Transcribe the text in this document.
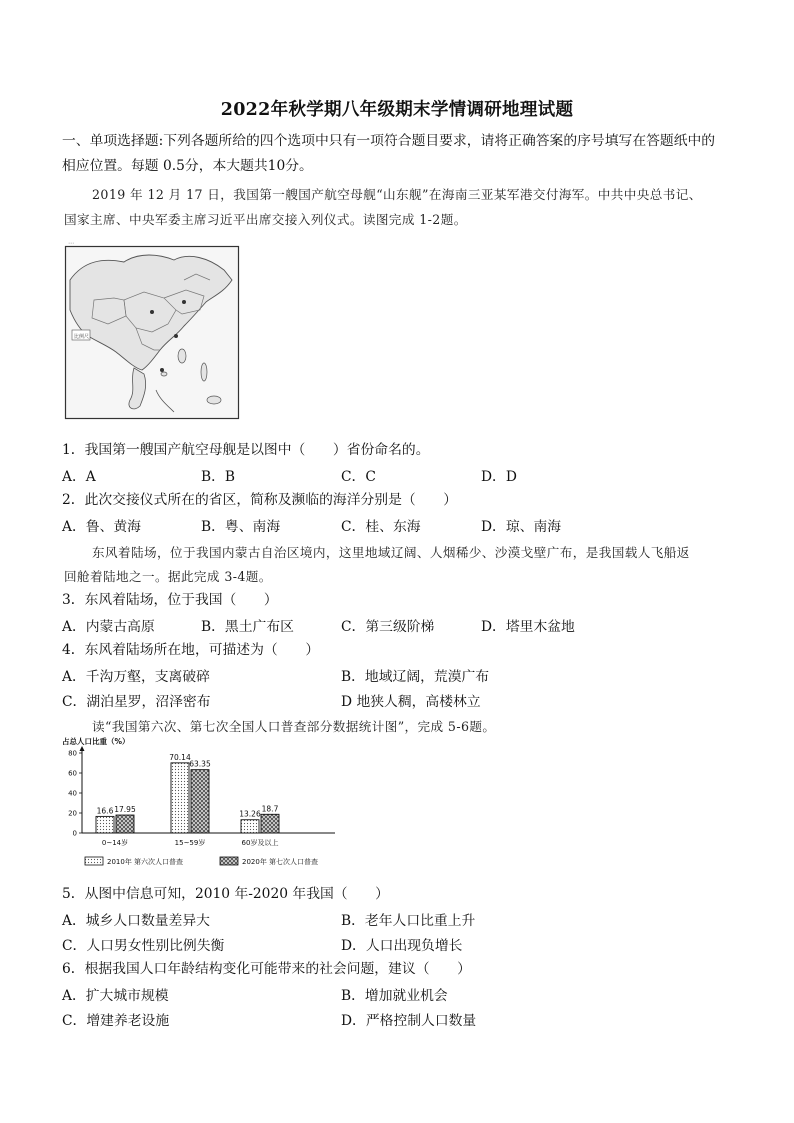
2022年秋学期八年级期末学情调研地理试题
一、单项选择题:下列各题所给的四个选项中只有一项符合题目要求，请将正确答案的序号填写在答题纸中的
相应位置。每题 0.5分，本大题共10分。
2019 年 12 月 17 日，我国第一艘国产航空母舰“山东舰”在海南三亚某军港交付海军。中共中央总书记、
国家主席、中央军委主席习近平出席交接入列仪式。读图完成 1-2题。
比例尺
⋯
1．我国第一艘国产航空母舰是以图中（　　）省份命名的。
A．A	B．B	C．C	D．D
2．此次交接仪式所在的省区，简称及濒临的海洋分别是（　　）
A．鲁、黄海	B．粤、南海	C．桂、东海	D．琼、南海
东风着陆场，位于我国内蒙古自治区境内，这里地域辽阔、人烟稀少、沙漠戈壁广布，是我国载人飞船返
回舱着陆地之一。据此完成 3-4题。
3．东风着陆场，位于我国（　　）
A．内蒙古高原	B．黑土广布区	C．第三级阶梯	D．塔里木盆地
4．东风着陆场所在地，可描述为（　　）
A．千沟万壑，支离破碎	B．地域辽阔，荒漠广布
C．湖泊星罗，沼泽密布	D 地狭人稠，高楼林立
读“我国第六次、第七次全国人口普查部分数据统计图”，完成 5-6题。
占总人口比重（%）
0
20
40
60
80
16.6 17.95
0~14岁
70.14
63.35
15~59岁
13.26
18.7
60岁及以上
2010年 第六次人口普查	2020年 第七次人口普查
5．从图中信息可知，2010 年-2020 年我国（　　）
A．城乡人口数量差异大	B．老年人口比重上升
C．人口男女性别比例失衡	D．人口出现负增长
6．根据我国人口年龄结构变化可能带来的社会问题，建议（　　）
A．扩大城市规模	B．增加就业机会
C．增建养老设施	D．严格控制人口数量
